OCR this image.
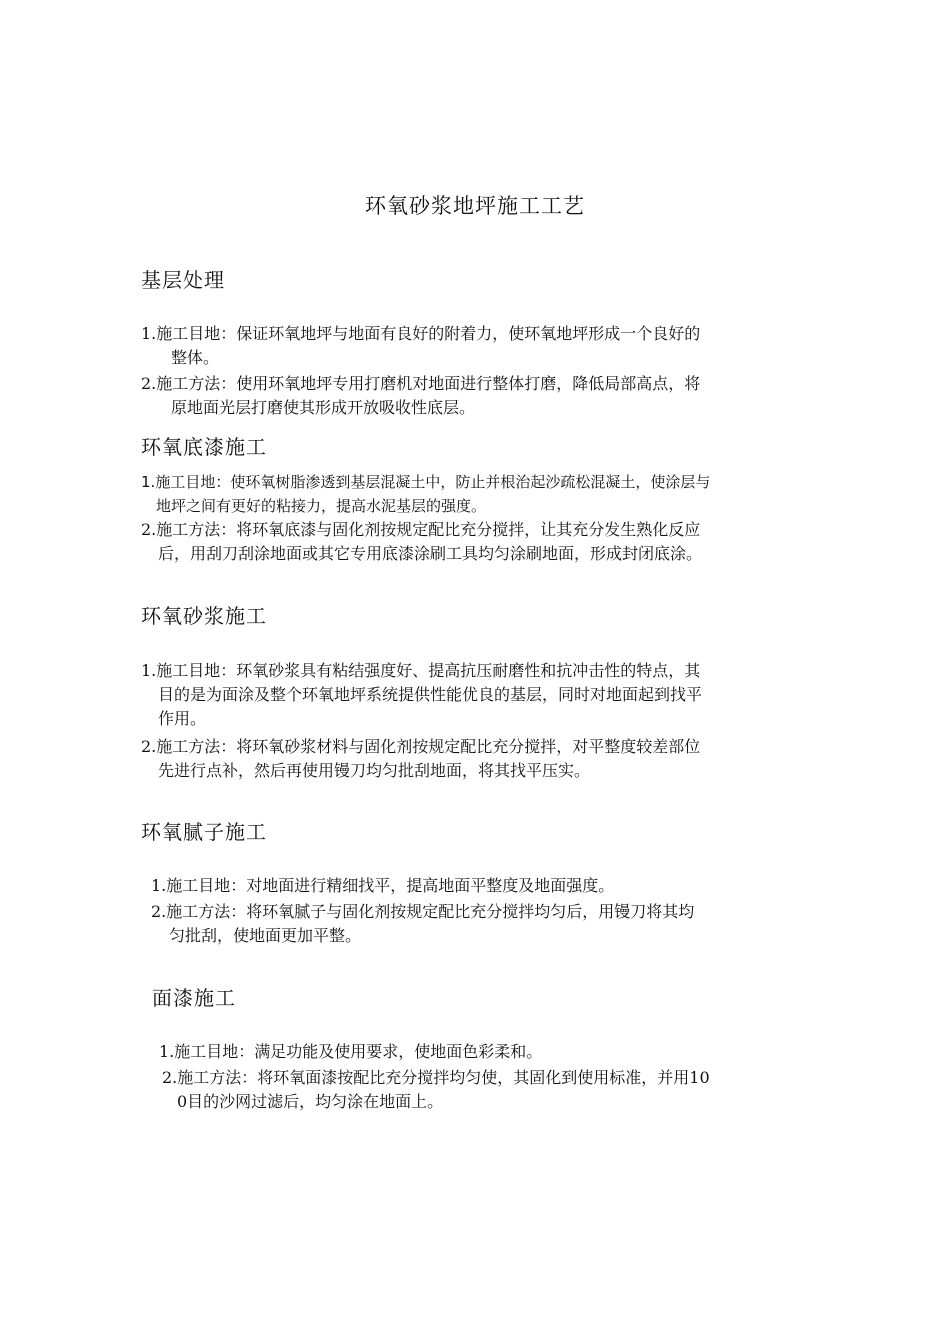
环氧砂浆地坪施工工艺
基层处理
1.施工目地：保证环氧地坪与地面有良好的附着力，使环氧地坪形成一个良好的
整体。
2.施工方法：使用环氧地坪专用打磨机对地面进行整体打磨，降低局部高点，将
原地面光层打磨使其形成开放吸收性底层。
环氧底漆施工
1.施工目地：使环氧树脂渗透到基层混凝土中，防止并根治起沙疏松混凝土，使涂层与
地坪之间有更好的粘接力，提高水泥基层的强度。
2.施工方法：将环氧底漆与固化剂按规定配比充分搅拌，让其充分发生熟化反应
后，用刮刀刮涂地面或其它专用底漆涂刷工具均匀涂刷地面，形成封闭底涂。
环氧砂浆施工
1.施工目地：环氧砂浆具有粘结强度好、提高抗压耐磨性和抗冲击性的特点，其
目的是为面涂及整个环氧地坪系统提供性能优良的基层，同时对地面起到找平
作用。
2.施工方法：将环氧砂浆材料与固化剂按规定配比充分搅拌，对平整度较差部位
先进行点补，然后再使用镘刀均匀批刮地面，将其找平压实。
环氧腻子施工
1.施工目地：对地面进行精细找平，提高地面平整度及地面强度。
2.施工方法：将环氧腻子与固化剂按规定配比充分搅拌均匀后，用镘刀将其均
匀批刮，使地面更加平整。
面漆施工
1.施工目地：满足功能及使用要求，使地面色彩柔和。
2.施工方法：将环氧面漆按配比充分搅拌均匀使，其固化到使用标准，并用10
0目的沙网过滤后，均匀涂在地面上。
